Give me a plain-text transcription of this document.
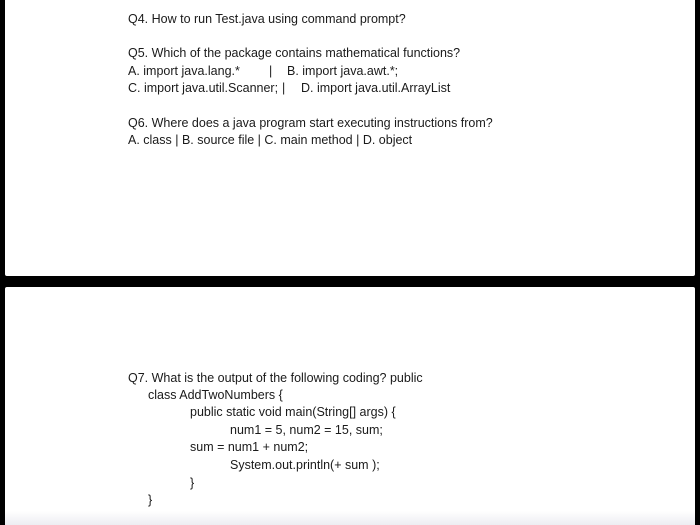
Q4. How to run Test.java using command prompt?
Q5. Which of the package contains mathematical functions?
A. import java.lang.* | B. import java.awt.*;
C. import java.util.Scanner; | D. import java.util.ArrayList
Q6. Where does a java program start executing instructions from?
A. class | B. source file | C. main method | D. object
Q7. What is the output of the following coding? public
class AddTwoNumbers {
public static void main(String[] args) {
num1 = 5, num2 = 15, sum;
sum = num1 + num2;
System.out.println(+ sum );
}
}
